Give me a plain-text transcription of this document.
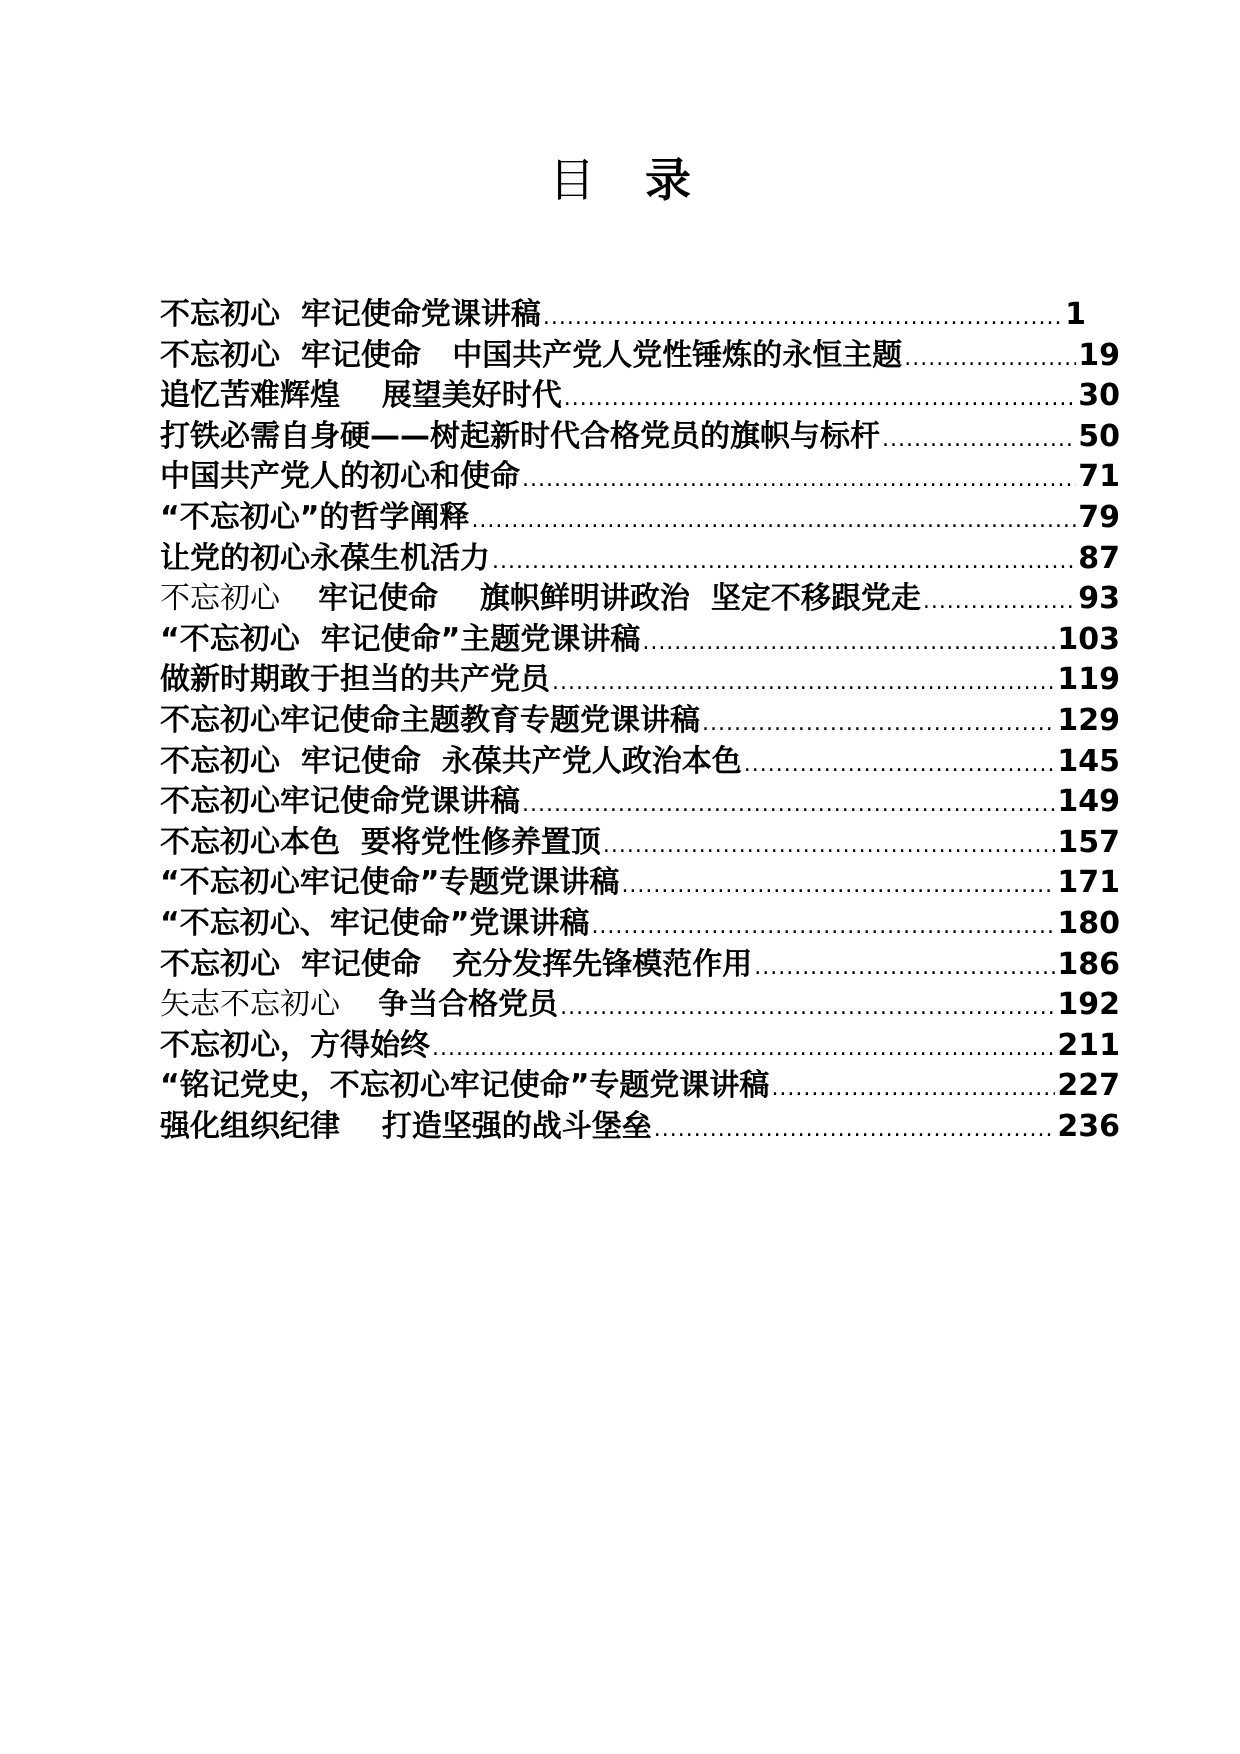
目 录
不忘初心  牢记使命党课讲稿 .....	1
不忘初心  牢记使命   中国共产党人党性锤炼的永恒主题 .....	19
追忆苦难辉煌    展望美好时代 .....	30
打铁必需自身硬——树起新时代合格党员的旗帜与标杆 .....	50
中国共产党人的初心和使命 .....	71
“不忘初心”的哲学阐释 .....	79
让党的初心永葆生机活力 .....	87
不忘初心    牢记使命    旗帜鲜明讲政治  坚定不移跟党走 .....	93
“不忘初心  牢记使命”主题党课讲稿 .....	103
做新时期敢于担当的共产党员 .....	119
不忘初心牢记使命主题教育专题党课讲稿 .....	129
不忘初心  牢记使命  永葆共产党人政治本色 .....	145
不忘初心牢记使命党课讲稿 .....	149
不忘初心本色  要将党性修养置顶 .....	157
“不忘初心牢记使命”专题党课讲稿 .....	171
“不忘初心、牢记使命”党课讲稿 .....	180
不忘初心  牢记使命   充分发挥先锋模范作用 .....	186
矢志不忘初心    争当合格党员 .....	192
不忘初心，方得始终 .....	211
“铭记党史，不忘初心牢记使命”专题党课讲稿 .....	227
强化组织纪律    打造坚强的战斗堡垒 .....	236
